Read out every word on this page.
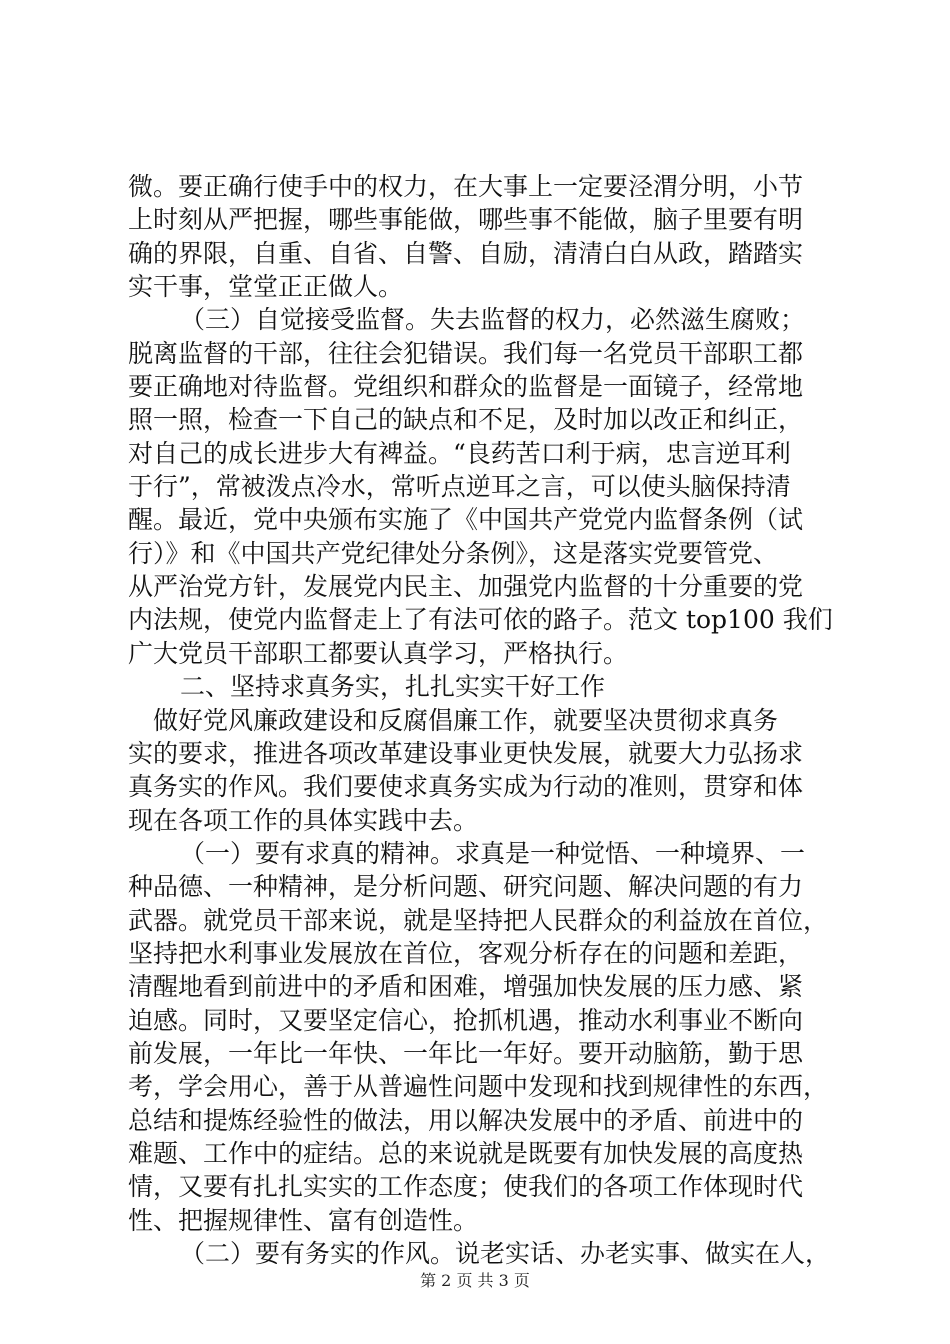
微。要正确行使手中的权力，在大事上一定要泾渭分明，小节
上时刻从严把握，哪些事能做，哪些事不能做，脑子里要有明
确的界限，自重、自省、自警、自励，清清白白从政，踏踏实
实干事，堂堂正正做人。
（三）自觉接受监督。失去监督的权力，必然滋生腐败；
脱离监督的干部，往往会犯错误。我们每一名党员干部职工都
要正确地对待监督。党组织和群众的监督是一面镜子，经常地
照一照，检查一下自己的缺点和不足，及时加以改正和纠正，
对自己的成长进步大有裨益。“良药苦口利于病，忠言逆耳利
于行”，常被泼点冷水，常听点逆耳之言，可以使头脑保持清
醒。最近，党中央颁布实施了《中国共产党党内监督条例（试
行）》和《中国共产党纪律处分条例》，这是落实党要管党、
从严治党方针，发展党内民主、加强党内监督的十分重要的党
内法规，使党内监督走上了有法可依的路子。范文 top100 我们
广大党员干部职工都要认真学习，严格执行。
二、坚持求真务实，扎扎实实干好工作
做好党风廉政建设和反腐倡廉工作，就要坚决贯彻求真务
实的要求，推进各项改革建设事业更快发展，就要大力弘扬求
真务实的作风。我们要使求真务实成为行动的准则，贯穿和体
现在各项工作的具体实践中去。
（一）要有求真的精神。求真是一种觉悟、一种境界、一
种品德、一种精神，是分析问题、研究问题、解决问题的有力
武器。就党员干部来说，就是坚持把人民群众的利益放在首位，
坚持把水利事业发展放在首位，客观分析存在的问题和差距，
清醒地看到前进中的矛盾和困难，增强加快发展的压力感、紧
迫感。同时，又要坚定信心，抢抓机遇，推动水利事业不断向
前发展，一年比一年快、一年比一年好。要开动脑筋，勤于思
考，学会用心，善于从普遍性问题中发现和找到规律性的东西，
总结和提炼经验性的做法，用以解决发展中的矛盾、前进中的
难题、工作中的症结。总的来说就是既要有加快发展的高度热
情，又要有扎扎实实的工作态度；使我们的各项工作体现时代
性、把握规律性、富有创造性。
（二）要有务实的作风。说老实话、办老实事、做实在人，
第 2 页 共 3 页
